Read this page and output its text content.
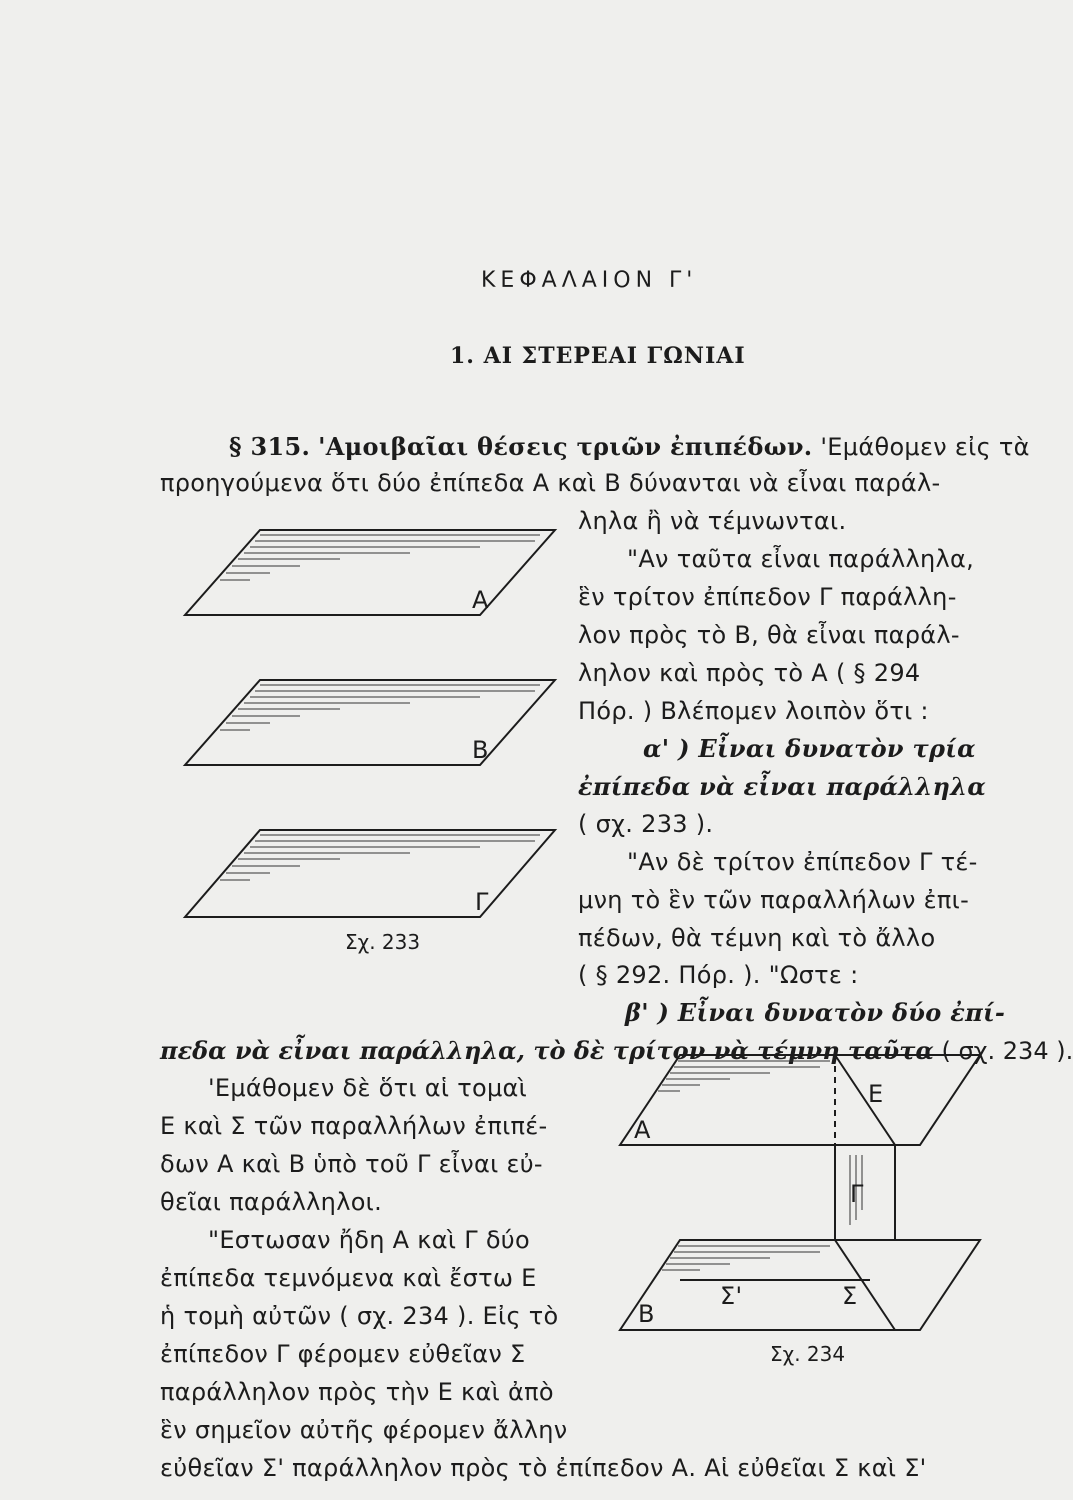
ΚΕΦΑΛΑΙΟΝ Γ'
1. ΑΙ ΣΤΕΡΕΑΙ ΓΩΝΙΑΙ
§ 315. 'Αμοιβαῖαι θέσεις τριῶν ἐπιπέδων. 'Εμάθομεν εἰς τὰ
προηγούμενα ὅτι δύο ἐπίπεδα Α καὶ Β δύνανται νὰ εἶναι παράλ-
ληλα ἢ νὰ τέμνωνται.
"Αν ταῦτα εἶναι παράλληλα,
ἓν τρίτον ἐπίπεδον Γ παράλλη-
λον πρὸς τὸ Β, θὰ εἶναι παράλ-
ληλον καὶ πρὸς τὸ Α ( § 294
Πόρ. ) Βλέπομεν λοιπὸν ὅτι :
α' ) Εἶναι δυνατὸν τρία
ἐπίπεδα νὰ εἶναι παράλληλα
( σχ. 233 ).
"Αν δὲ τρίτον ἐπίπεδον Γ τέ-
μνη τὸ ἓν τῶν παραλλήλων ἐπι-
πέδων, θὰ τέμνη καὶ τὸ ἄλλο
( § 292. Πόρ. ). "Ωστε :
β' ) Εἶναι δυνατὸν δύο ἐπί-
πεδα νὰ εἶναι παράλληλα, τὸ δὲ τρίτον νὰ τέμνη ταῦτα ( σχ. 234 ).
'Εμάθομεν δὲ ὅτι αἱ τομαὶ
Ε καὶ Σ τῶν παραλλήλων ἐπιπέ-
δων Α καὶ Β ὑπὸ τοῦ Γ εἶναι εὐ-
θεῖαι παράλληλοι.
"Εστωσαν ἤδη Α καὶ Γ δύο
ἐπίπεδα τεμνόμενα καὶ ἔστω Ε
ἡ τομὴ αὐτῶν ( σχ. 234 ). Εἰς τὸ
ἐπίπεδον Γ φέρομεν εὐθεῖαν Σ
παράλληλον πρὸς τὴν Ε καὶ ἀπὸ
ἓν σημεῖον αὐτῆς φέρομεν ἄλλην
εὐθεῖαν Σ' παράλληλον πρὸς τὸ ἐπίπεδον Α. Αἱ εὐθεῖαι Σ καὶ Σ'
Α
Β
Γ
Σχ. 233
Α
Ε
Γ
Β
Σ'	Σ
Σχ. 234
